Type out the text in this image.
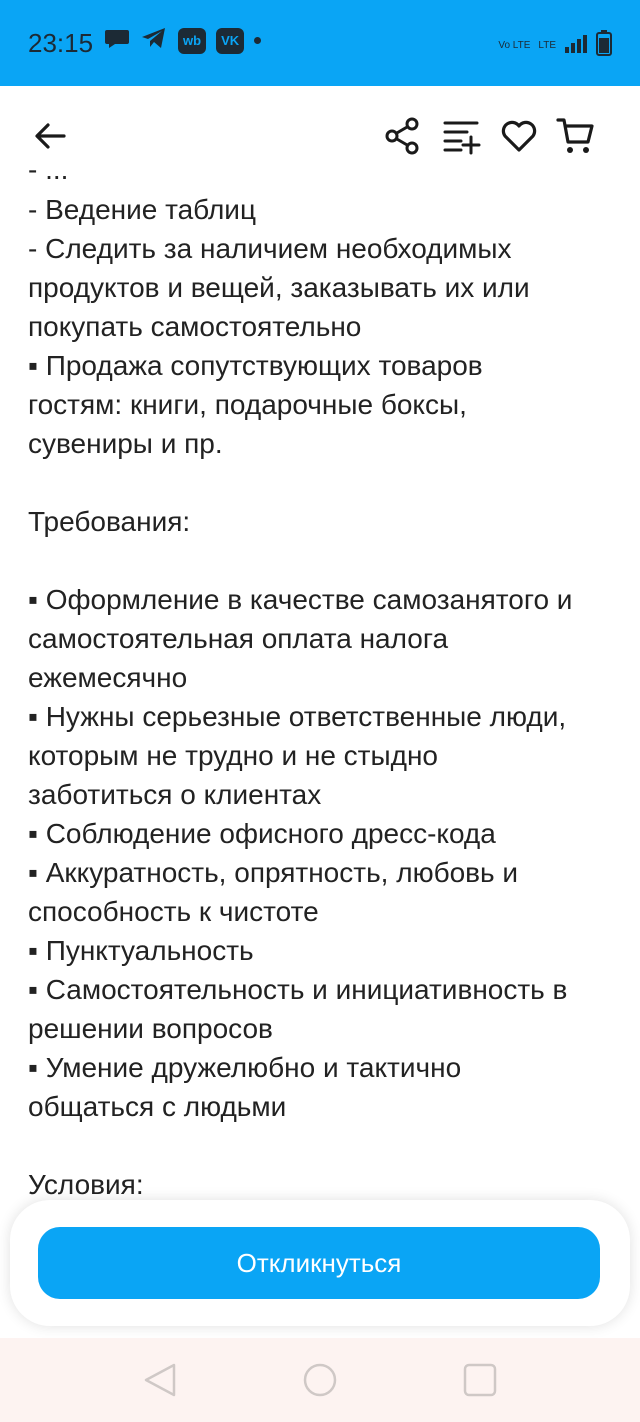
23:15	wb	VK	Vo LTE LTE
- ...
- Ведение таблиц
- Следить за наличием необходимых
продуктов и вещей, заказывать их или
покупать самостоятельно
▪ Продажа сопутствующих товаров
гостям: книги, подарочные боксы,
сувениры и пр.
Требования:
▪ Оформление в качестве самозанятого и
самостоятельная оплата налога
ежемесячно
▪ Нужны серьезные ответственные люди,
которым не трудно и не стыдно
заботиться о клиентах
▪ Соблюдение офисного дресс-кода
▪ Аккуратность, опрятность, любовь и
способность к чистоте
▪ Пунктуальность
▪ Самостоятельность и инициативность в
решении вопросов
▪ Умение дружелюбно и тактично
общаться с людьми
Условия:
Откликнуться
